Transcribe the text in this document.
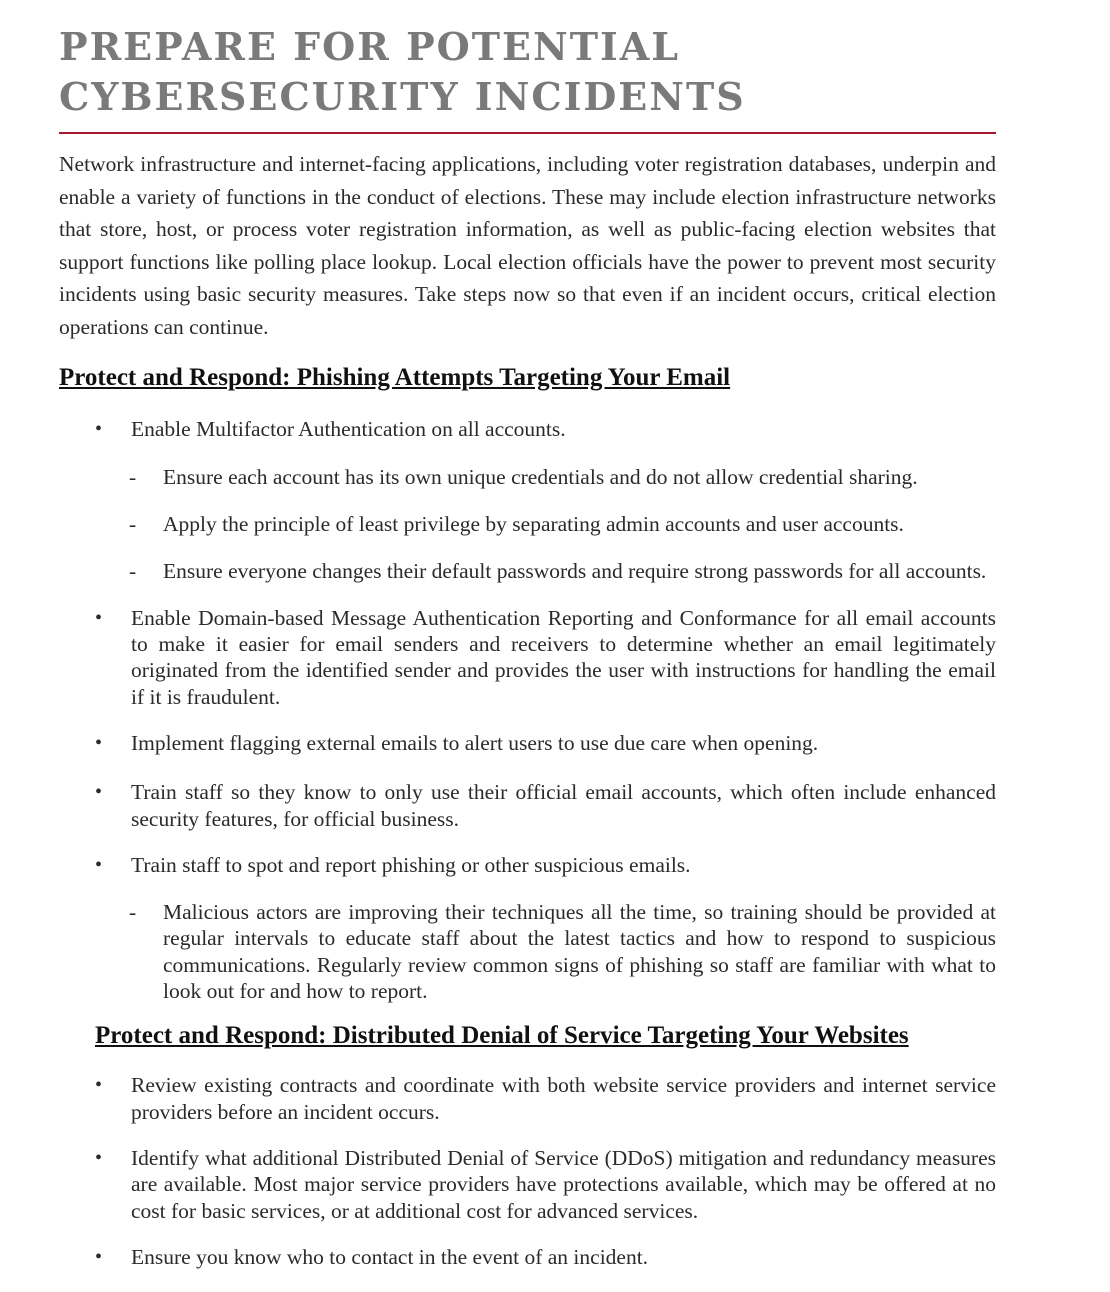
PREPARE FOR POTENTIAL
CYBERSECURITY INCIDENTS

Network infrastructure and internet-facing applications, including voter registration databases, underpin and enable a variety of functions in the conduct of elections. These may include election infrastructure networks that store, host, or process voter registration information, as well as public-facing election websites that support functions like polling place lookup. Local election officials have the power to prevent most security incidents using basic security measures. Take steps now so that even if an incident occurs, critical election operations can continue.

Protect and Respond: Phishing Attempts Targeting Your Email
• Enable Multifactor Authentication on all accounts.
- Ensure each account has its own unique credentials and do not allow credential sharing.
- Apply the principle of least privilege by separating admin accounts and user accounts.
- Ensure everyone changes their default passwords and require strong passwords for all accounts.
• Enable Domain-based Message Authentication Reporting and Conformance for all email accounts to make it easier for email senders and receivers to determine whether an email legitimately originated from the identified sender and provides the user with instructions for handling the email if it is fraudulent.
• Implement flagging external emails to alert users to use due care when opening.
• Train staff so they know to only use their official email accounts, which often include enhanced security features, for official business.
• Train staff to spot and report phishing or other suspicious emails.
- Malicious actors are improving their techniques all the time, so training should be provided at regular intervals to educate staff about the latest tactics and how to respond to suspicious communications. Regularly review common signs of phishing so staff are familiar with what to look out for and how to report.
Protect and Respond: Distributed Denial of Service Targeting Your Websites
• Review existing contracts and coordinate with both website service providers and internet service providers before an incident occurs.
• Identify what additional Distributed Denial of Service (DDoS) mitigation and redundancy measures are available. Most major service providers have protections available, which may be offered at no cost for basic services, or at additional cost for advanced services.
• Ensure you know who to contact in the event of an incident.
